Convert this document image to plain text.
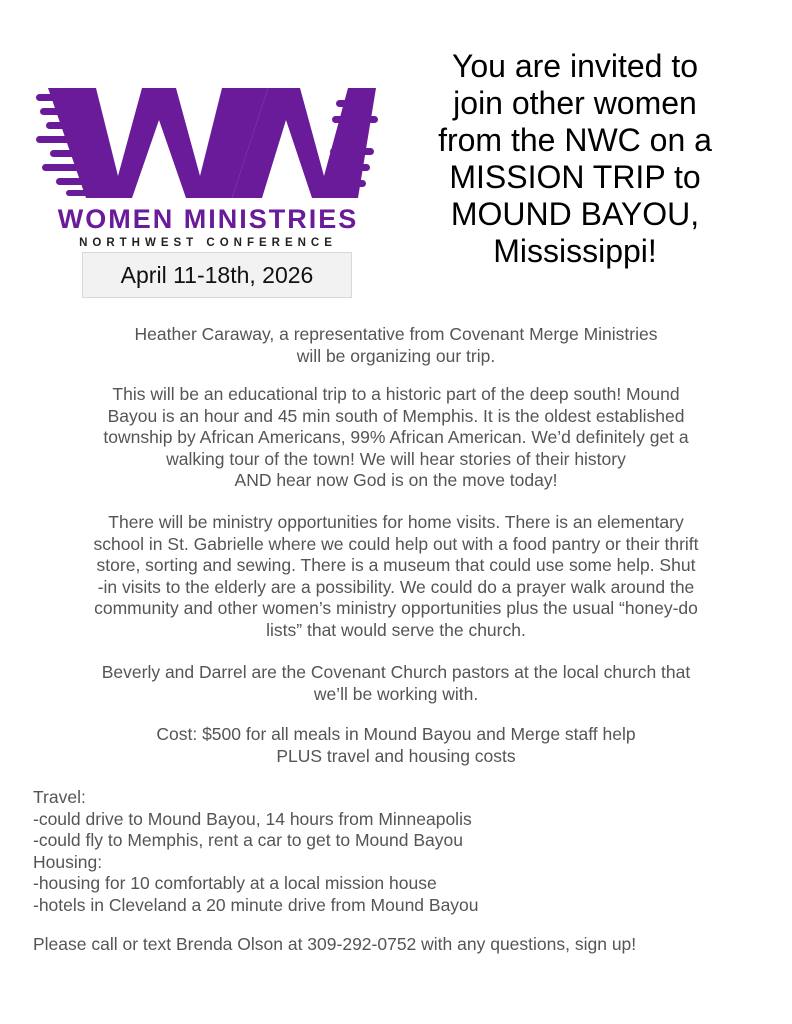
WOMEN MINISTRIES
NORTHWEST CONFERENCE
April 11-18th, 2026
You are invited to
join other women
from the NWC on a
MISSION TRIP to
MOUND BAYOU,
Mississippi!
Heather Caraway, a representative from Covenant Merge Ministries
will be organizing our trip.
This will be an educational trip to a historic part of the deep south! Mound
Bayou is an hour and 45 min south of Memphis. It is the oldest established
township by African Americans, 99% African American. We’d definitely get a
walking tour of the town! We will hear stories of their history
AND hear now God is on the move today!
There will be ministry opportunities for home visits. There is an elementary
school in St. Gabrielle where we could help out with a food pantry or their thrift
store, sorting and sewing. There is a museum that could use some help. Shut
-in visits to the elderly are a possibility. We could do a prayer walk around the
community and other women’s ministry opportunities plus the usual “honey-do
lists” that would serve the church.
Beverly and Darrel are the Covenant Church pastors at the local church that
we’ll be working with.
Cost: $500 for all meals in Mound Bayou and Merge staff help
PLUS travel and housing costs
Travel:
-could drive to Mound Bayou, 14 hours from Minneapolis
-could fly to Memphis, rent a car to get to Mound Bayou
Housing:
-housing for 10 comfortably at a local mission house
-hotels in Cleveland a 20 minute drive from Mound Bayou
Please call or text Brenda Olson at 309-292-0752 with any questions, sign up!
